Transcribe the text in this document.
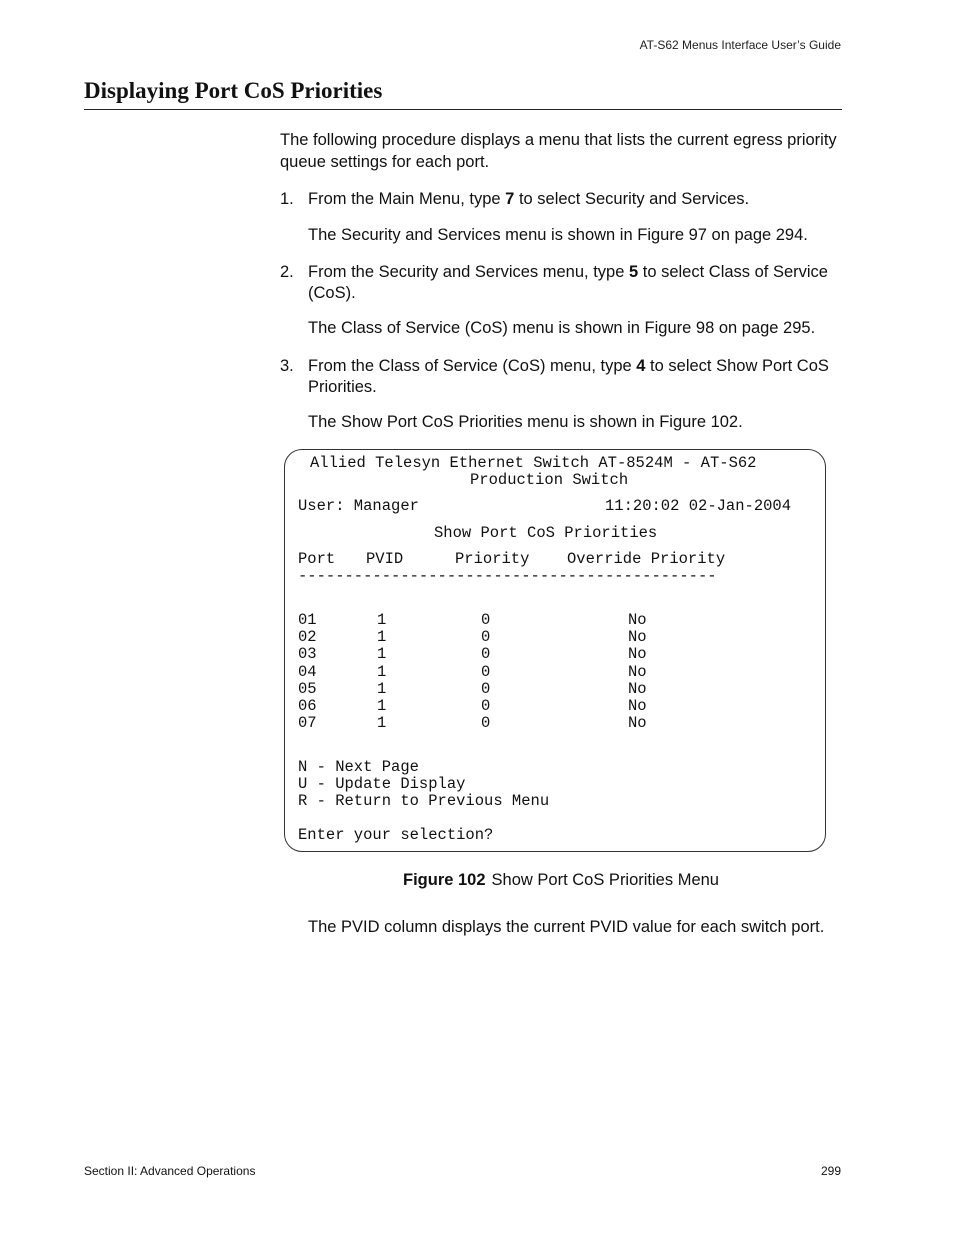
AT-S62 Menus Interface User’s Guide
Displaying Port CoS Priorities
The following procedure displays a menu that lists the current egress priority queue settings for each port.
1. From the Main Menu, type 7 to select Security and Services.
The Security and Services menu is shown in Figure 97 on page 294.
2. From the Security and Services menu, type 5 to select Class of Service (CoS).
The Class of Service (CoS) menu is shown in Figure 98 on page 295.
3. From the Class of Service (CoS) menu, type 4 to select Show Port CoS Priorities.
The Show Port CoS Priorities menu is shown in Figure 102.
Allied Telesyn Ethernet Switch AT-8524M - AT-S62
Production Switch
User: Manager	11:20:02 02-Jan-2004
Show Port CoS Priorities
Port PVID	Priority Override Priority
---------------------------------------------
01	1	0	No
02	1	0	No
03	1	0	No
04	1	0	No
05	1	0	No
06	1	0	No
07	1	0	No
N - Next Page
U - Update Display
R - Return to Previous Menu
Enter your selection?
Figure 102 Show Port CoS Priorities Menu
The PVID column displays the current PVID value for each switch port.
Section II: Advanced Operations	299
